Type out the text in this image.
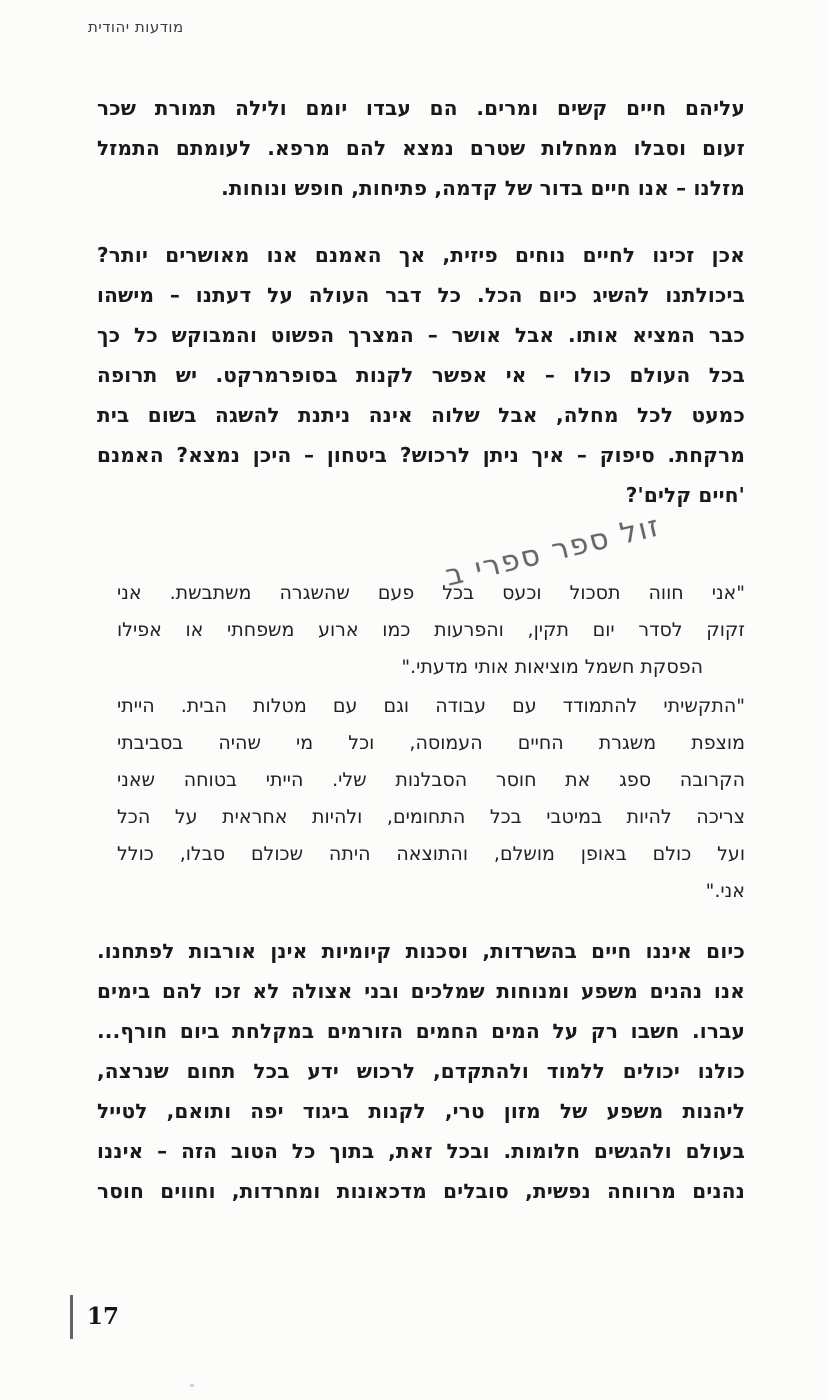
מודעות יהודית
עליהם חיים קשים ומרים. הם עבדו יומם ולילה תמורת שכר
זעום וסבלו ממחלות שטרם נמצא להם מרפא. לעומתם התמזל
מזלנו – אנו חיים בדור של קדמה, פתיחות, חופש ונוחות.
אכן זכינו לחיים נוחים פיזית, אך האמנם אנו מאושרים יותר?
ביכולתנו להשיג כיום הכל. כל דבר העולה על דעתנו – מישהו
כבר המציא אותו. אבל אושר – המצרך הפשוט והמבוקש כל כך
בכל העולם כולו – אי אפשר לקנות בסופרמרקט. יש תרופה
כמעט לכל מחלה, אבל שלוה אינה ניתנת להשגה בשום בית
מרקחת. סיפוק – איך ניתן לרכוש? ביטחון – היכן נמצא? האמנם
'חיים קלים'?
"אני חווה תסכול וכעס בכל פעם שהשגרה משתבשת. אני
זקוק לסדר יום תקין, והפרעות כמו ארוע משפחתי או אפילו
הפסקת חשמל מוציאות אותי מדעתי."
"התקשיתי להתמודד עם עבודה וגם עם מטלות הבית. הייתי
מוצפת משגרת החיים העמוסה, וכל מי שהיה בסביבתי
הקרובה ספג את חוסר הסבלנות שלי. הייתי בטוחה שאני
צריכה להיות במיטבי בכל התחומים, ולהיות אחראית על הכל
ועל כולם באופן מושלם, והתוצאה היתה שכולם סבלו, כולל
אני."
כיום איננו חיים בהשרדות, וסכנות קיומיות אינן אורבות לפתחנו.
אנו נהנים משפע ומנוחות שמלכים ובני אצולה לא זכו להם בימים
עברו. חשבו רק על המים החמים הזורמים במקלחת ביום חורף...
כולנו יכולים ללמוד ולהתקדם, לרכוש ידע בכל תחום שנרצה,
ליהנות משפע של מזון טרי, לקנות ביגוד יפה ותואם, לטייל
בעולם ולהגשים חלומות. ובכל זאת, בתוך כל הטוב הזה – איננו
נהנים מרווחה נפשית, סובלים מדכאונות ומחרדות, וחווים חוסר
זול ספר ספרי ב
17
